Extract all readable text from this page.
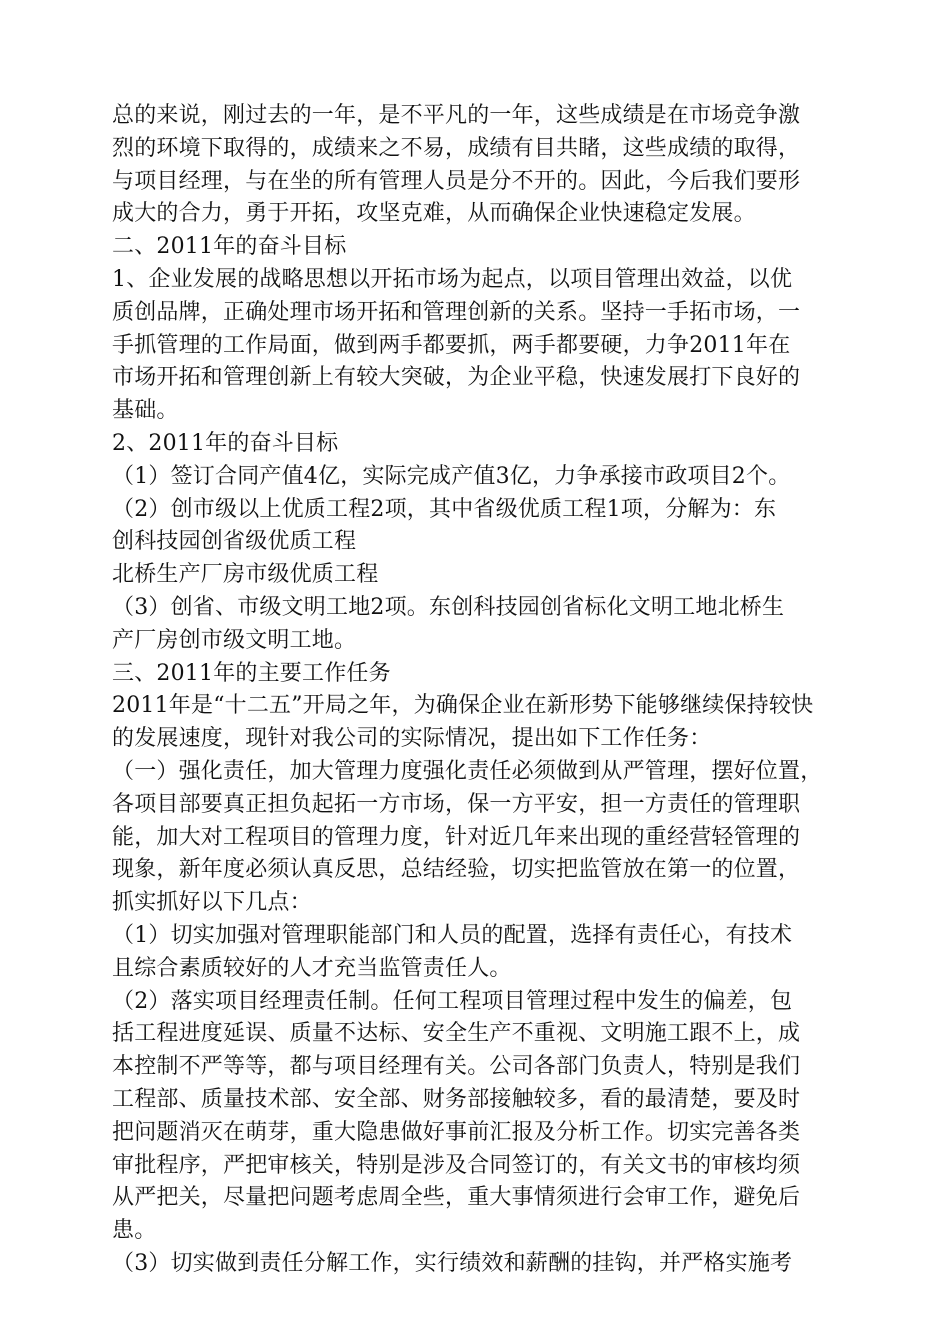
总的来说，刚过去的一年，是不平凡的一年，这些成绩是在市场竞争激
烈的环境下取得的，成绩来之不易，成绩有目共睹，这些成绩的取得，
与项目经理，与在坐的所有管理人员是分不开的。因此，今后我们要形
成大的合力，勇于开拓，攻坚克难，从而确保企业快速稳定发展。
二、2011年的奋斗目标
1、企业发展的战略思想以开拓市场为起点，以项目管理出效益，以优
质创品牌，正确处理市场开拓和管理创新的关系。坚持一手拓市场，一
手抓管理的工作局面，做到两手都要抓，两手都要硬，力争2011年在
市场开拓和管理创新上有较大突破，为企业平稳，快速发展打下良好的
基础。
2、2011年的奋斗目标
（1）签订合同产值4亿，实际完成产值3亿，力争承接市政项目2个。
（2）创市级以上优质工程2项，其中省级优质工程1项，分解为：东
创科技园创省级优质工程
北桥生产厂房市级优质工程
（3）创省、市级文明工地2项。东创科技园创省标化文明工地北桥生
产厂房创市级文明工地。
三、2011年的主要工作任务
2011年是“十二五”开局之年，为确保企业在新形势下能够继续保持较快
的发展速度，现针对我公司的实际情况，提出如下工作任务：
（一）强化责任，加大管理力度强化责任必须做到从严管理，摆好位置，
各项目部要真正担负起拓一方市场，保一方平安，担一方责任的管理职
能，加大对工程项目的管理力度，针对近几年来出现的重经营轻管理的
现象，新年度必须认真反思，总结经验，切实把监管放在第一的位置，
抓实抓好以下几点：
（1）切实加强对管理职能部门和人员的配置，选择有责任心，有技术
且综合素质较好的人才充当监管责任人。
（2）落实项目经理责任制。任何工程项目管理过程中发生的偏差，包
括工程进度延误、质量不达标、安全生产不重视、文明施工跟不上，成
本控制不严等等，都与项目经理有关。公司各部门负责人，特别是我们
工程部、质量技术部、安全部、财务部接触较多，看的最清楚，要及时
把问题消灭在萌芽，重大隐患做好事前汇报及分析工作。切实完善各类
审批程序，严把审核关，特别是涉及合同签订的，有关文书的审核均须
从严把关，尽量把问题考虑周全些，重大事情须进行会审工作，避免后
患。
（3）切实做到责任分解工作，实行绩效和薪酬的挂钩，并严格实施考
